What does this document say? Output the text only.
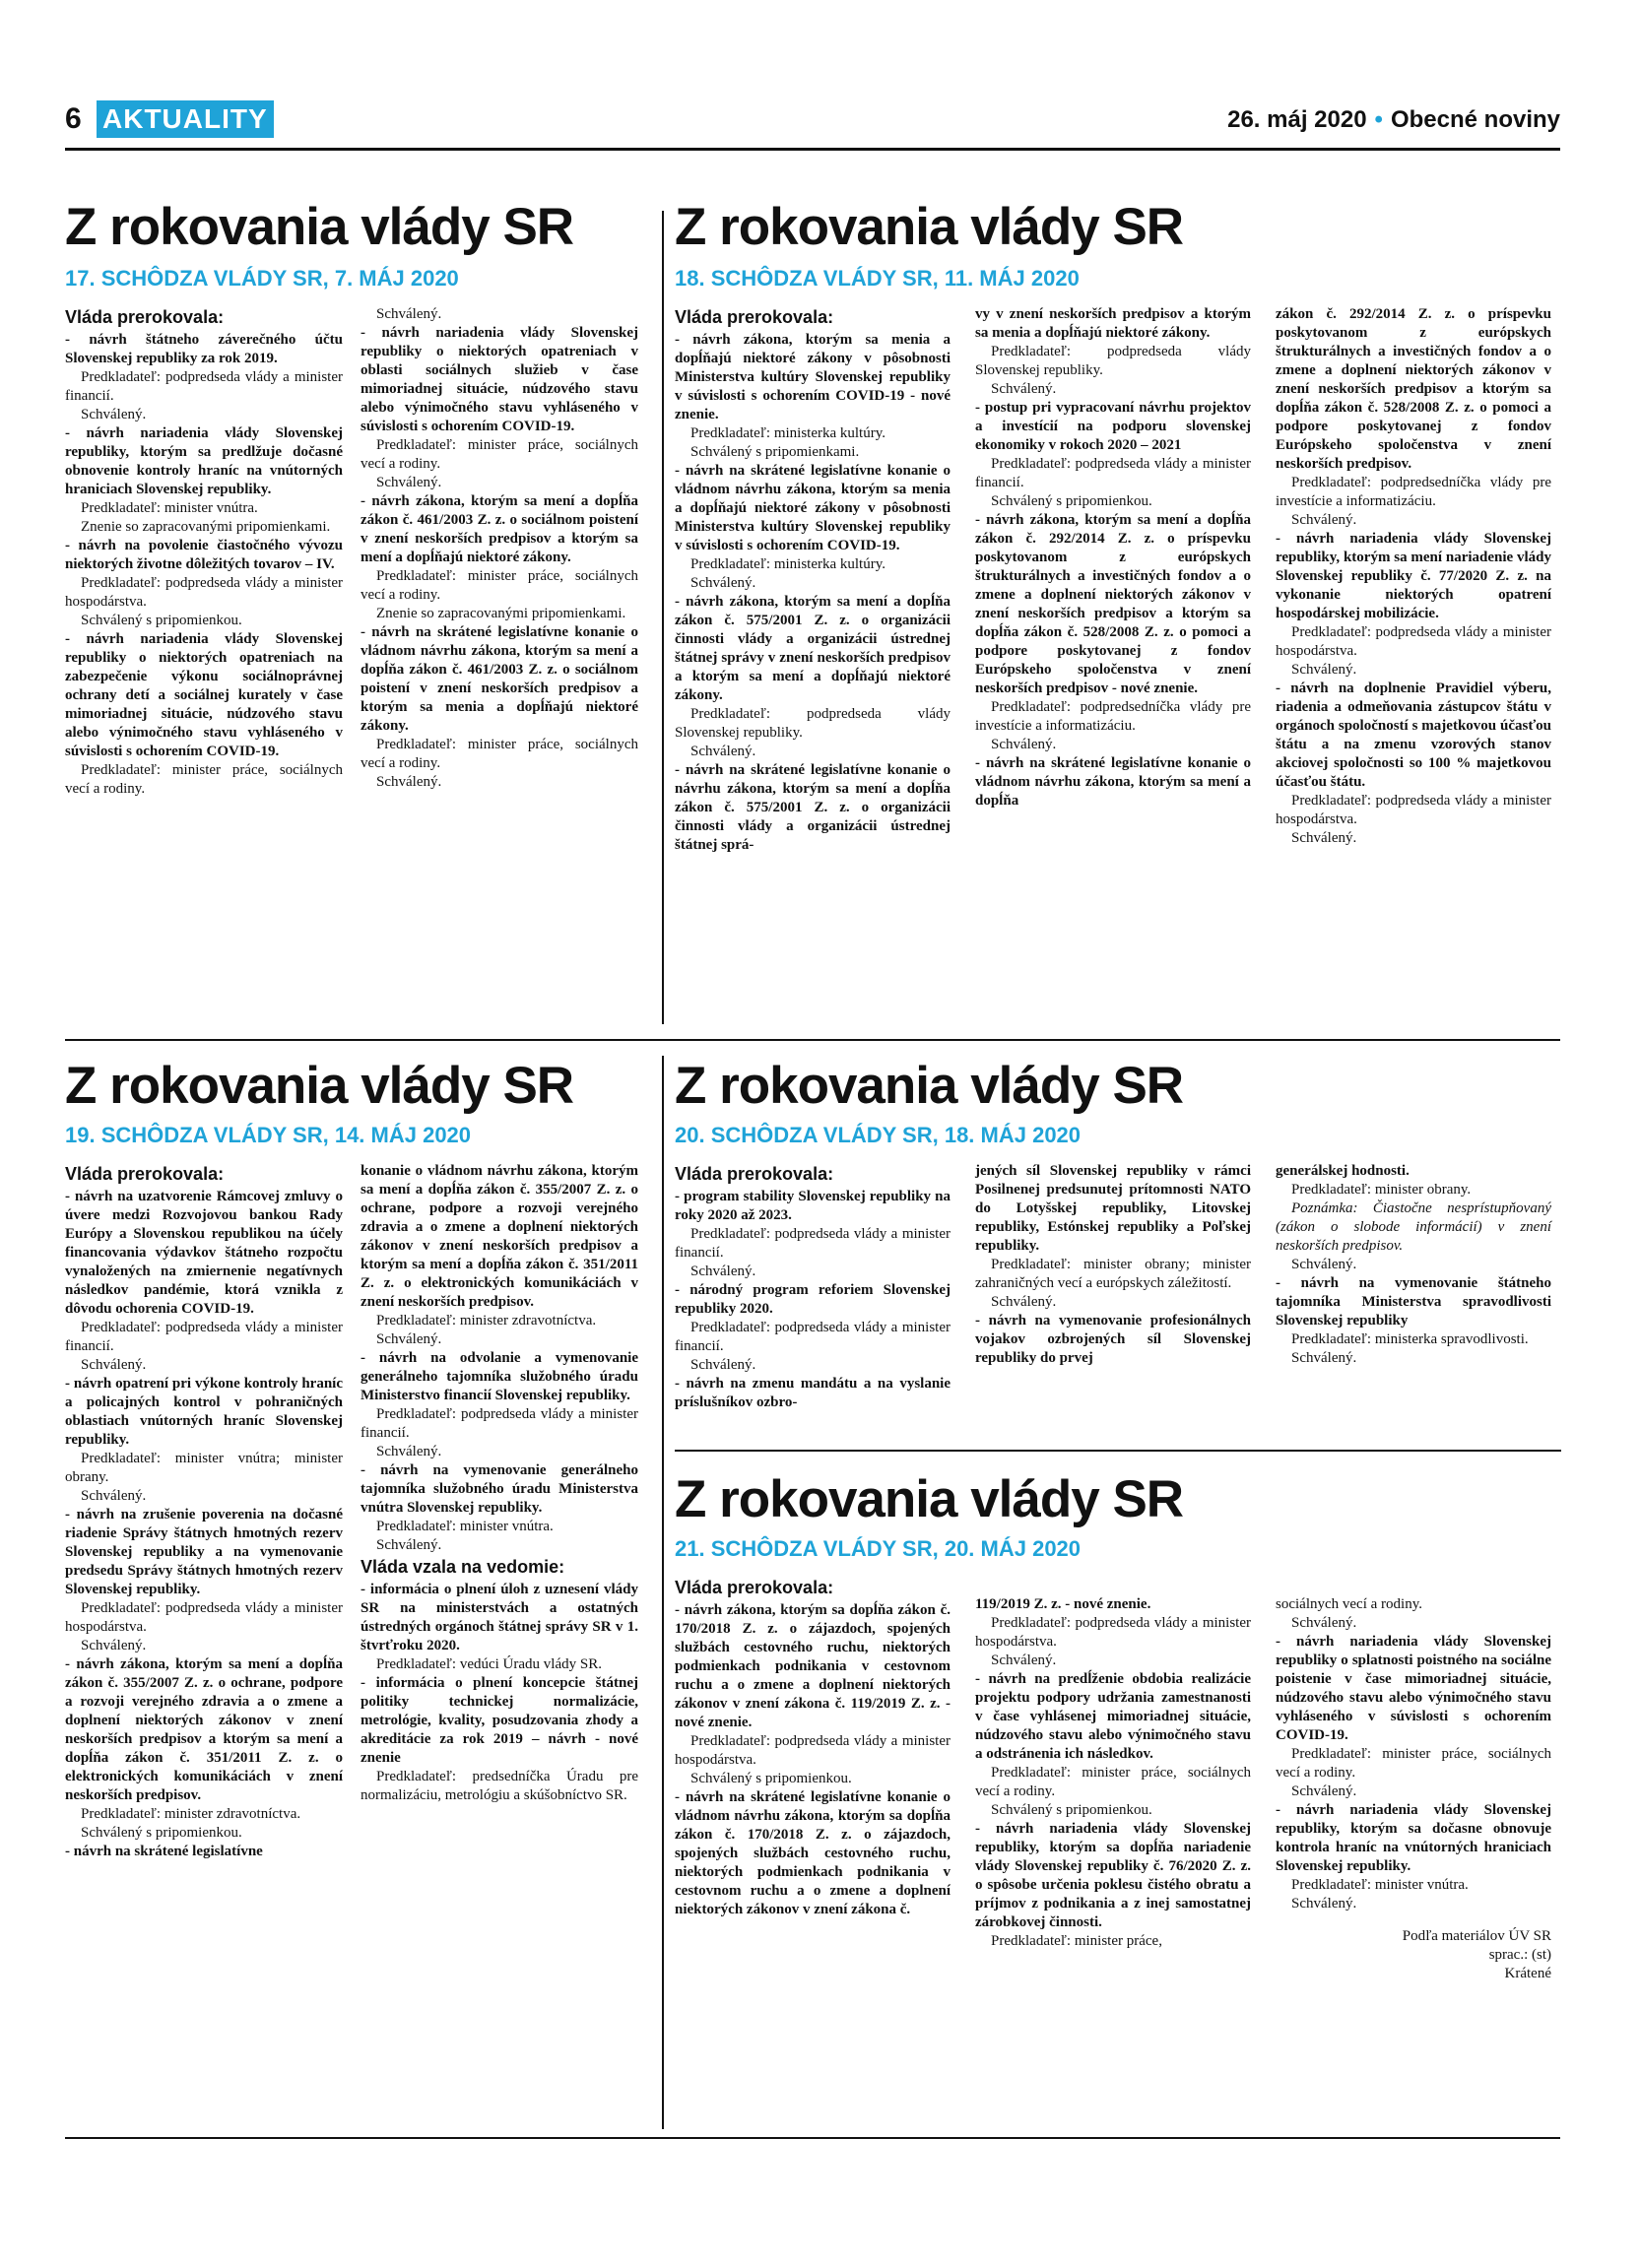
6 AKTUALITY	26. máj 2020 • Obecné noviny
Z rokovania vlády SR
17. SCHÔDZA VLÁDY SR, 7. MÁJ 2020

Vláda prerokovala:

- návrh štátneho záverečného účtu Slovenskej republiky za rok 2019.

Predkladateľ: podpredseda vlády a minister financií.

Schválený.

- návrh nariadenia vlády Slovenskej republiky, ktorým sa predlžuje dočasné obnovenie kontroly hraníc na vnútorných hraniciach Slovenskej republiky.

Predkladateľ: minister vnútra.

Znenie so zapracovanými pripomienkami.

- návrh na povolenie čiastočného vývozu niektorých životne dôležitých tovarov – IV.

Predkladateľ: podpredseda vlády a minister hospodárstva.

Schválený s pripomienkou.

- návrh nariadenia vlády Slovenskej republiky o niektorých opatreniach na zabezpečenie výkonu sociálnoprávnej ochrany detí a sociálnej kurately v čase mimoriadnej situácie, núdzového stavu alebo výnimočného stavu vyhláseného v súvislosti s ochorením COVID-19.

Predkladateľ: minister práce, sociálnych vecí a rodiny.

Schválený.

- návrh nariadenia vlády Slovenskej republiky o niektorých opatreniach v oblasti sociálnych služieb v čase mimoriadnej situácie, núdzového stavu alebo výnimočného stavu vyhláseného v súvislosti s ochorením COVID-19.

Predkladateľ: minister práce, sociálnych vecí a rodiny.

Schválený.

- návrh zákona, ktorým sa mení a dopĺňa zákon č. 461/2003 Z. z. o sociálnom poistení v znení neskorších predpisov a ktorým sa mení a dopĺňajú niektoré zákony.

Predkladateľ: minister práce, sociálnych vecí a rodiny.

Znenie so zapracovanými pripomienkami.

- návrh na skrátené legislatívne konanie o vládnom návrhu zákona, ktorým sa mení a dopĺňa zákon č. 461/2003 Z. z. o sociálnom poistení v znení neskorších predpisov a ktorým sa menia a dopĺňajú niektoré zákony.

Predkladateľ: minister práce, sociálnych vecí a rodiny.

Schválený.

Z rokovania vlády SR
18. SCHÔDZA VLÁDY SR, 11. MÁJ 2020

Vláda prerokovala:

- návrh zákona, ktorým sa menia a dopĺňajú niektoré zákony v pôsobnosti Ministerstva kultúry Slovenskej republiky v súvislosti s ochorením COVID-19 - nové znenie.

Predkladateľ: ministerka kultúry.

Schválený s pripomienkami.

- návrh na skrátené legislatívne konanie o vládnom návrhu zákona, ktorým sa menia a dopĺňajú niektoré zákony v pôsobnosti Ministerstva kultúry Slovenskej republiky v súvislosti s ochorením COVID-19.

Predkladateľ: ministerka kultúry.

Schválený.

- návrh zákona, ktorým sa mení a dopĺňa zákon č. 575/2001 Z. z. o organizácii činnosti vlády a organizácii ústrednej štátnej správy v znení neskorších predpisov a ktorým sa mení a dopĺňajú niektoré zákony.

Predkladateľ: podpredseda vlády Slovenskej republiky.

Schválený.

- návrh na skrátené legislatívne konanie o návrhu zákona, ktorým sa mení a dopĺňa zákon č. 575/2001 Z. z. o organizácii činnosti vlády a organizácii ústrednej štátnej sprá-

vy v znení neskorších predpisov a ktorým sa menia a dopĺňajú niektoré zákony.

Predkladateľ: podpredseda vlády Slovenskej republiky.

Schválený.

- postup pri vypracovaní návrhu projektov a investícií na podporu slovenskej ekonomiky v rokoch 2020 – 2021

Predkladateľ: podpredseda vlády a minister financií.

Schválený s pripomienkou.

- návrh zákona, ktorým sa mení a dopĺňa zákon č. 292/2014 Z. z. o príspevku poskytovanom z európskych štrukturálnych a investičných fondov a o zmene a doplnení niektorých zákonov v znení neskorších predpisov a ktorým sa dopĺňa zákon č. 528/2008 Z. z. o pomoci a podpore poskytovanej z fondov Európskeho spoločenstva v znení neskorších predpisov - nové znenie.

Predkladateľ: podpredsedníčka vlády pre investície a informatizáciu.

Schválený.

- návrh na skrátené legislatívne konanie o vládnom návrhu zákona, ktorým sa mení a dopĺňa

zákon č. 292/2014 Z. z. o príspevku poskytovanom z európskych štrukturálnych a investičných fondov a o zmene a doplnení niektorých zákonov v znení neskorších predpisov a ktorým sa dopĺňa zákon č. 528/2008 Z. z. o pomoci a podpore poskytovanej z fondov Európskeho spoločenstva v znení neskorších predpisov.

Predkladateľ: podpredsedníčka vlády pre investície a informatizáciu.

Schválený.

- návrh nariadenia vlády Slovenskej republiky, ktorým sa mení nariadenie vlády Slovenskej republiky č. 77/2020 Z. z. na vykonanie niektorých opatrení hospodárskej mobilizácie.

Predkladateľ: podpredseda vlády a minister hospodárstva.

Schválený.

- návrh na doplnenie Pravidiel výberu, riadenia a odmeňovania zástupcov štátu v orgánoch spoločností s majetkovou účasťou štátu a na zmenu vzorových stanov akciovej spoločnosti so 100 % majetkovou účasťou štátu.

Predkladateľ: podpredseda vlády a minister hospodárstva.

Schválený.

Z rokovania vlády SR
19. SCHÔDZA VLÁDY SR, 14. MÁJ 2020

Vláda prerokovala:

- návrh na uzatvorenie Rámcovej zmluvy o úvere medzi Rozvojovou bankou Rady Európy a Slovenskou republikou na účely financovania výdavkov štátneho rozpočtu vynaložených na zmiernenie negatívnych následkov pandémie, ktorá vznikla z dôvodu ochorenia COVID-19.

Predkladateľ: podpredseda vlády a minister financií.

Schválený.

- návrh opatrení pri výkone kontroly hraníc a policajných kontrol v pohraničných oblastiach vnútorných hraníc Slovenskej republiky.

Predkladateľ: minister vnútra; minister obrany.

Schválený.

- návrh na zrušenie poverenia na dočasné riadenie Správy štátnych hmotných rezerv Slovenskej republiky a na vymenovanie predsedu Správy štátnych hmotných rezerv Slovenskej republiky.

Predkladateľ: podpredseda vlády a minister hospodárstva.

Schválený.

- návrh zákona, ktorým sa mení a dopĺňa zákon č. 355/2007 Z. z. o ochrane, podpore a rozvoji verejného zdravia a o zmene a doplnení niektorých zákonov v znení neskorších predpisov a ktorým sa mení a dopĺňa zákon č. 351/2011 Z. z. o elektronických komunikáciách v znení neskorších predpisov.

Predkladateľ: minister zdravotníctva.

Schválený s pripomienkou.

- návrh na skrátené legislatívne

konanie o vládnom návrhu zákona, ktorým sa mení a dopĺňa zákon č. 355/2007 Z. z. o ochrane, podpore a rozvoji verejného zdravia a o zmene a doplnení niektorých zákonov v znení neskorších predpisov a ktorým sa mení a dopĺňa zákon č. 351/2011 Z. z. o elektronických komunikáciách v znení neskorších predpisov.

Predkladateľ: minister zdravotníctva.

Schválený.

- návrh na odvolanie a vymenovanie generálneho tajomníka služobného úradu Ministerstvo financií Slovenskej republiky.

Predkladateľ: podpredseda vlády a minister financií.

Schválený.

- návrh na vymenovanie generálneho tajomníka služobného úradu Ministerstva vnútra Slovenskej republiky.

Predkladateľ: minister vnútra.

Schválený.

Vláda vzala na vedomie:

- informácia o plnení úloh z uznesení vlády SR na ministerstvách a ostatných ústredných orgánoch štátnej správy SR v 1. štvrťroku 2020.

Predkladateľ: vedúci Úradu vlády SR.

- informácia o plnení koncepcie štátnej politiky technickej normalizácie, metrológie, kvality, posudzovania zhody a akreditácie za rok 2019 – návrh - nové znenie

Predkladateľ: predsedníčka Úradu pre normalizáciu, metrológiu a skúšobníctvo SR.

Z rokovania vlády SR
20. SCHÔDZA VLÁDY SR, 18. MÁJ 2020

Vláda prerokovala:

- program stability Slovenskej republiky na roky 2020 až 2023.

Predkladateľ: podpredseda vlády a minister financií.

Schválený.

- národný program reforiem Slovenskej republiky 2020.

Predkladateľ: podpredseda vlády a minister financií.

Schválený.

- návrh na zmenu mandátu a na vyslanie príslušníkov ozbro-

jených síl Slovenskej republiky v rámci Posilnenej predsunutej prítomnosti NATO do Lotyšskej republiky, Litovskej republiky, Estónskej republiky a Poľskej republiky.

Predkladateľ: minister obrany; minister zahraničných vecí a európskych záležitostí.

Schválený.

- návrh na vymenovanie profesionálnych vojakov ozbrojených síl Slovenskej republiky do prvej

generálskej hodnosti.

Predkladateľ: minister obrany.

Poznámka: Čiastočne nesprístupňovaný (zákon o slobode informácií) v znení neskorších predpisov.

Schválený.

- návrh na vymenovanie štátneho tajomníka Ministerstva spravodlivosti Slovenskej republiky

Predkladateľ: ministerka spravodlivosti.

Schválený.

Z rokovania vlády SR
21. SCHÔDZA VLÁDY SR, 20. MÁJ 2020

Vláda prerokovala:

- návrh zákona, ktorým sa dopĺňa zákon č. 170/2018 Z. z. o zájazdoch, spojených službách cestovného ruchu, niektorých podmienkach podnikania v cestovnom ruchu a o zmene a doplnení niektorých zákonov v znení zákona č. 119/2019 Z. z. - nové znenie.

Predkladateľ: podpredseda vlády a minister hospodárstva.

Schválený s pripomienkou.

- návrh na skrátené legislatívne konanie o vládnom návrhu zákona, ktorým sa dopĺňa zákon č. 170/2018 Z. z. o zájazdoch, spojených službách cestovného ruchu, niektorých podmienkach podnikania v cestovnom ruchu a o zmene a doplnení niektorých zákonov v znení zákona č.

119/2019 Z. z. - nové znenie.

Predkladateľ: podpredseda vlády a minister hospodárstva.

Schválený.

- návrh na predĺženie obdobia realizácie projektu podpory udržania zamestnanosti v čase vyhlásenej mimoriadnej situácie, núdzového stavu alebo výnimočného stavu a odstránenia ich následkov.

Predkladateľ: minister práce, sociálnych vecí a rodiny.

Schválený s pripomienkou.

- návrh nariadenia vlády Slovenskej republiky, ktorým sa dopĺňa nariadenie vlády Slovenskej republiky č. 76/2020 Z. z. o spôsobe určenia poklesu čistého obratu a príjmov z podnikania a z inej samostatnej zárobkovej činnosti.

Predkladateľ: minister práce,

sociálnych vecí a rodiny.

Schválený.

- návrh nariadenia vlády Slovenskej republiky o splatnosti poistného na sociálne poistenie v čase mimoriadnej situácie, núdzového stavu alebo výnimočného stavu vyhláseného v súvislosti s ochorením COVID-19.

Predkladateľ: minister práce, sociálnych vecí a rodiny.

Schválený.

- návrh nariadenia vlády Slovenskej republiky, ktorým sa dočasne obnovuje kontrola hraníc na vnútorných hraniciach Slovenskej republiky.

Predkladateľ: minister vnútra.

Schválený.

Podľa materiálov ÚV SR

sprac.: (st)

Krátené
